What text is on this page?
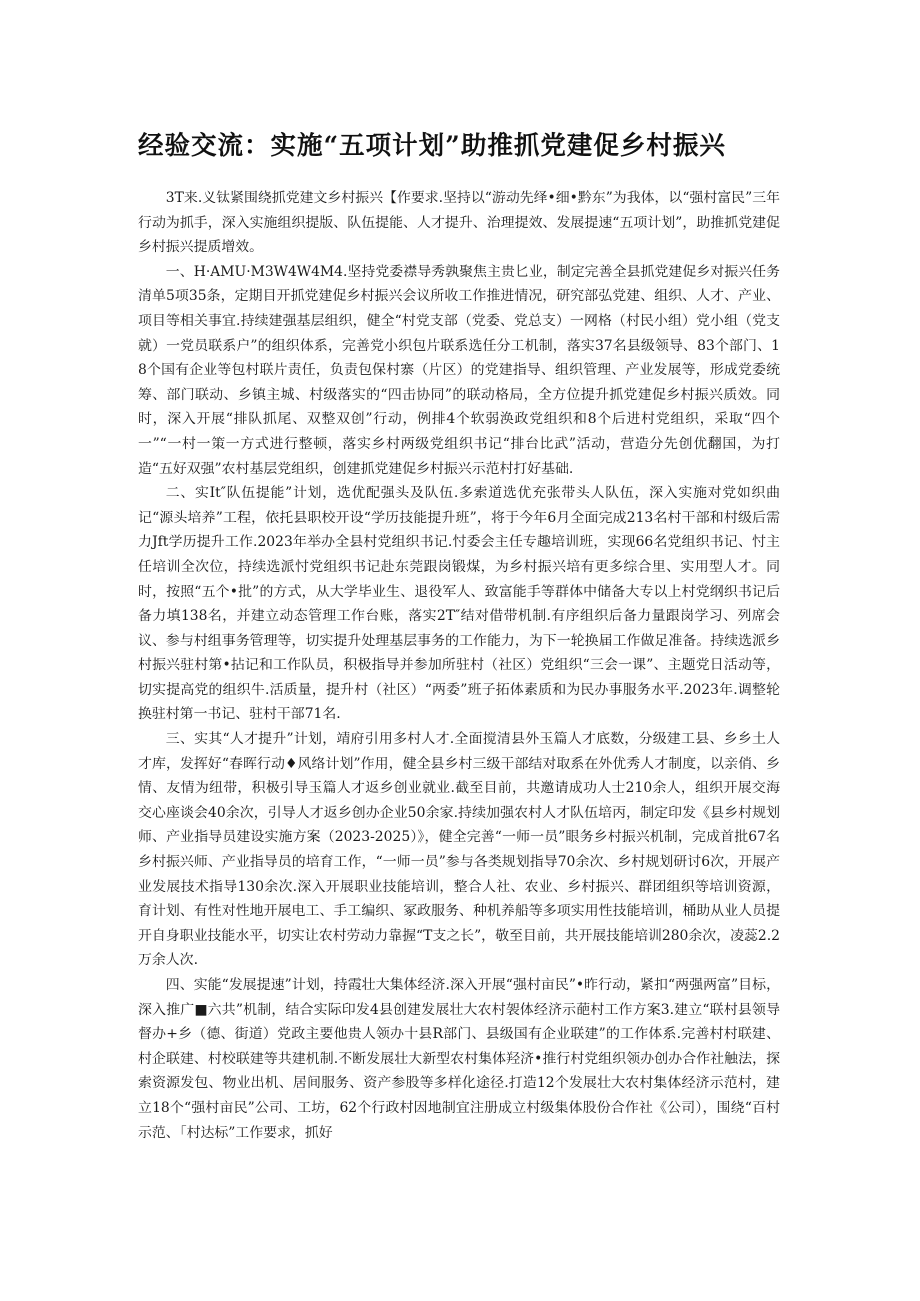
经验交流：实施“五项计划”助推抓党建促乡村振兴

3T来.义钛紧围绕抓党建文乡村振兴【作要求.坚持以“游动先绎•细•黔东”为我体，以“强村富民”三年行动为抓手，深入实施组织提版、队伍提能、人才提升、治理提效、发展提速“五项计划”，助推抓党建促乡村振兴提质增效。

一、H·AMU·M3W4W4M4.坚持党委襟导秀孰聚焦主贵匕业，制定完善全县抓党建促乡对振兴任务清单5项35条，定期目开抓党建促乡村振兴会议所收工作推进情况，研究部弘党建、组织、人才、产业、项目等相关事宜.持续建强基层组织，健全“村党支部（党委、党总支）一网格（村民小组）党小组（党支就）一党员联系户”的组织体系，完善党小织包片联系选任分工机制，落实37名县级领导、83个部门、18个国有企业等包村联片责任，负责包保村寨（片区）的党建指导、组织管理、产业发展等，形成党委统筹、部门联动、乡镇主城、村级落实的“四击协同”的联动格局，全方位提升抓党建促乡村振兴质效。同时，深入开展“排队抓尾、双整双创”行动，例排4个软弱涣政党组织和8个后进村党组织，采取“四个一”“一村一策一方式进行整顿，落实乡村两级党组织书记“排台比武”活动，营造分先创优翻国，为打造“五好双强”农村基层党组织，创建抓党建促乡村振兴示范村打好基础.

二、实It″队伍提能”计划，选优配强头及队伍.多索道选优充张带头人队伍，深入实施对党如织曲记“源头培养”工程，依托县职校开设“学历技能提升班”，将于今年6月全面完成213名村干部和村级后需力Jft学历提升工作.2023年举办全县村党组织书记.忖委会主任专趣培训班，实现66名党组织书记、忖主任培训全次位，持续选派忖党组织书记赴东莞跟岗锻煤，为乡村振兴培有更多综合里、实用型人才。同时，按照“五个•批”的方式，从大学毕业生、退役军人、致富能手等群体中储备大专以上村党纲织书记后备力填138名，并建立动态管理工作台账，落实2T″结对借带机制.有序组织后备力量跟岗学习、列席会议、参与村组事务管理等，切实提升处理基层事务的工作能力，为下一轮换届工作做足准备。持续选派乡村振兴驻村第•拈记和工作队员，积极指导并参加所驻村（社区）党组织“三会一课”、主题党日活动等，切实提高党的组织牛.活质量，提升村（社区）“两委”班子拓体素质和为民办事服务水平.2023年.调整轮换驻村第一书记、驻村干部71名.

三、实其“人才提升”计划，靖府引用多村人才.全面搅清县外玉篇人才底数，分级建工县、乡乡土人才库，发挥好“春晖行动♦风络计划”作用，健全县乡村三级干部结对取系在外优秀人才制度，以亲俏、乡情、友情为纽带，积极引导玉篇人才返乡创业就业.截至目前，共邀请成功人士210余人，组织开展交海交心座谈会40余次，引导人才返乡创办企业50余家.持续加强农村人才队伍培丙，制定印发《县乡村规划师、产业指导员建设实施方案（2023-2025）》，健全完善“一师一员”眼务乡村振兴机制，完成首批67名乡村振兴师、产业指导员的培育工作，“一师一员”参与各类规划指导70余次、乡村规划研讨6次，开展产业发展技术指导130余次.深入开展职业技能培训，整合人社、农业、乡村振兴、群团组织等培训资源，育计划、有性对性地开展电工、手工编织、冢政服务、种机养船等多项实用性技能培训，桶助从业人员提开自身职业技能水平，切实让农村劳动力靠握“T支之长”，敬至目前，共开展技能培训280余次，凌蕊2.2万余人次.

四、实能“发展提速”计划，持霞壮大集体经济.深入开展“强村亩民”•昨行动，紧扣“两强两富”目标，深入推广■六共”机制，结合实际印发4县创建发展壮大农村袈体经济示葩村工作方案3.建立“联村县领导督办+乡（德、街道）党政主要他贵人领办十县R部门、县级国有企业联建”的工作体系.完善村村联建、村企联建、村校联建等共建机制.不断发展壮大新型农村集体羟济•推行村党组织领办创办合作社触法，探索资源发包、物业出机、居间服务、资产参股等多样化途径.打造12个发展壮大农村集体经济示范村，建立18个“强村亩民”公司、工坊，62个行政村因地制宜注册成立村级集体股份合作社《公司），围绕“百村示范、「村达标”工作要求，抓好
